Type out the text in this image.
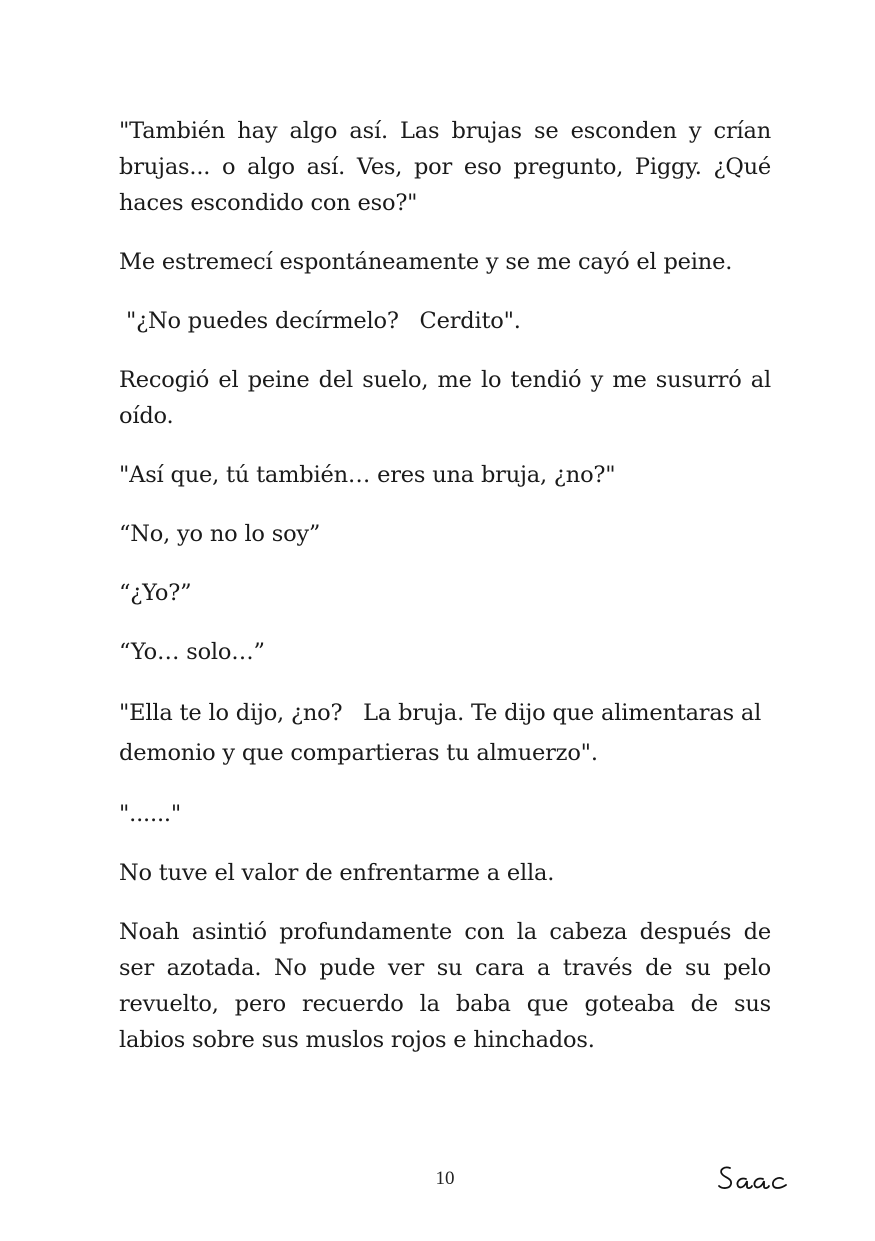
"También hay algo así. Las brujas se esconden y crían brujas... o algo así. Ves, por eso pregunto, Piggy. ¿Qué haces escondido con eso?"

Me estremecí espontáneamente y se me cayó el peine.

"¿No puedes decírmelo?   Cerdito".

Recogió el peine del suelo, me lo tendió y me susurró al oído.

"Así que, tú también… eres una bruja, ¿no?"

“No, yo no lo soy”

“¿Yo?”

“Yo… solo…”

"Ella te lo dijo, ¿no?   La bruja. Te dijo que alimentaras al demonio y que compartieras tu almuerzo".

"......"

No tuve el valor de enfrentarme a ella.

Noah asintió profundamente con la cabeza después de ser azotada. No pude ver su cara a través de su pelo revuelto, pero recuerdo la baba que goteaba de sus labios sobre sus muslos rojos e hinchados.

10
